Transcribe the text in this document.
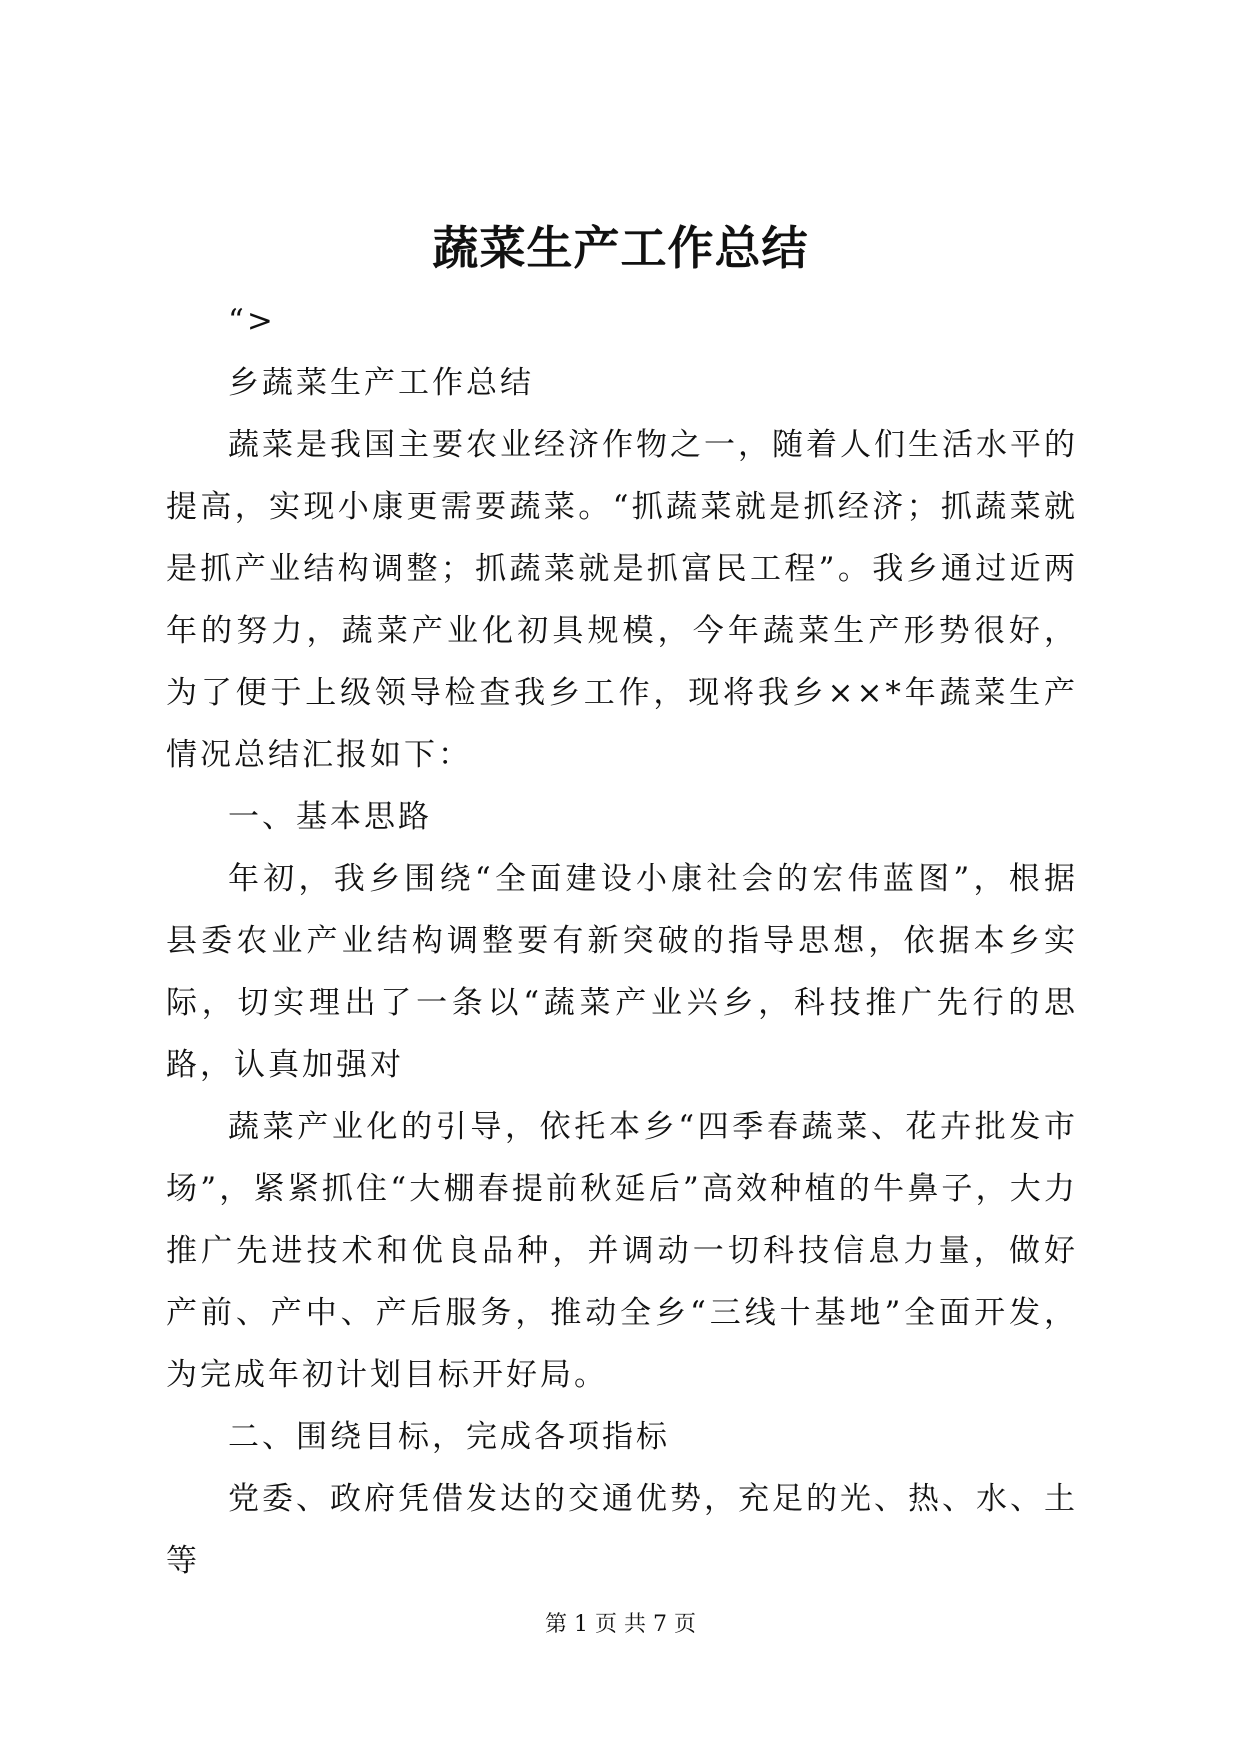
蔬菜生产工作总结

“>

乡蔬菜生产工作总结

蔬菜是我国主要农业经济作物之一，随着人们生活水平的提高，实现小康更需要蔬菜。“抓蔬菜就是抓经济；抓蔬菜就是抓产业结构调整；抓蔬菜就是抓富民工程”。我乡通过近两年的努力，蔬菜产业化初具规模，今年蔬菜生产形势很好，为了便于上级领导检查我乡工作，现将我乡××*年蔬菜生产情况总结汇报如下：

一、基本思路

年初，我乡围绕“全面建设小康社会的宏伟蓝图”，根据县委农业产业结构调整要有新突破的指导思想，依据本乡实际，切实理出了一条以“蔬菜产业兴乡，科技推广先行的思路，认真加强对

蔬菜产业化的引导，依托本乡“四季春蔬菜、花卉批发市场”，紧紧抓住“大棚春提前秋延后”高效种植的牛鼻子，大力推广先进技术和优良品种，并调动一切科技信息力量，做好产前、产中、产后服务，推动全乡“三线十基地”全面开发，为完成年初计划目标开好局。

二、围绕目标，完成各项指标

党委、政府凭借发达的交通优势，充足的光、热、水、土等

第 1 页 共 7 页
